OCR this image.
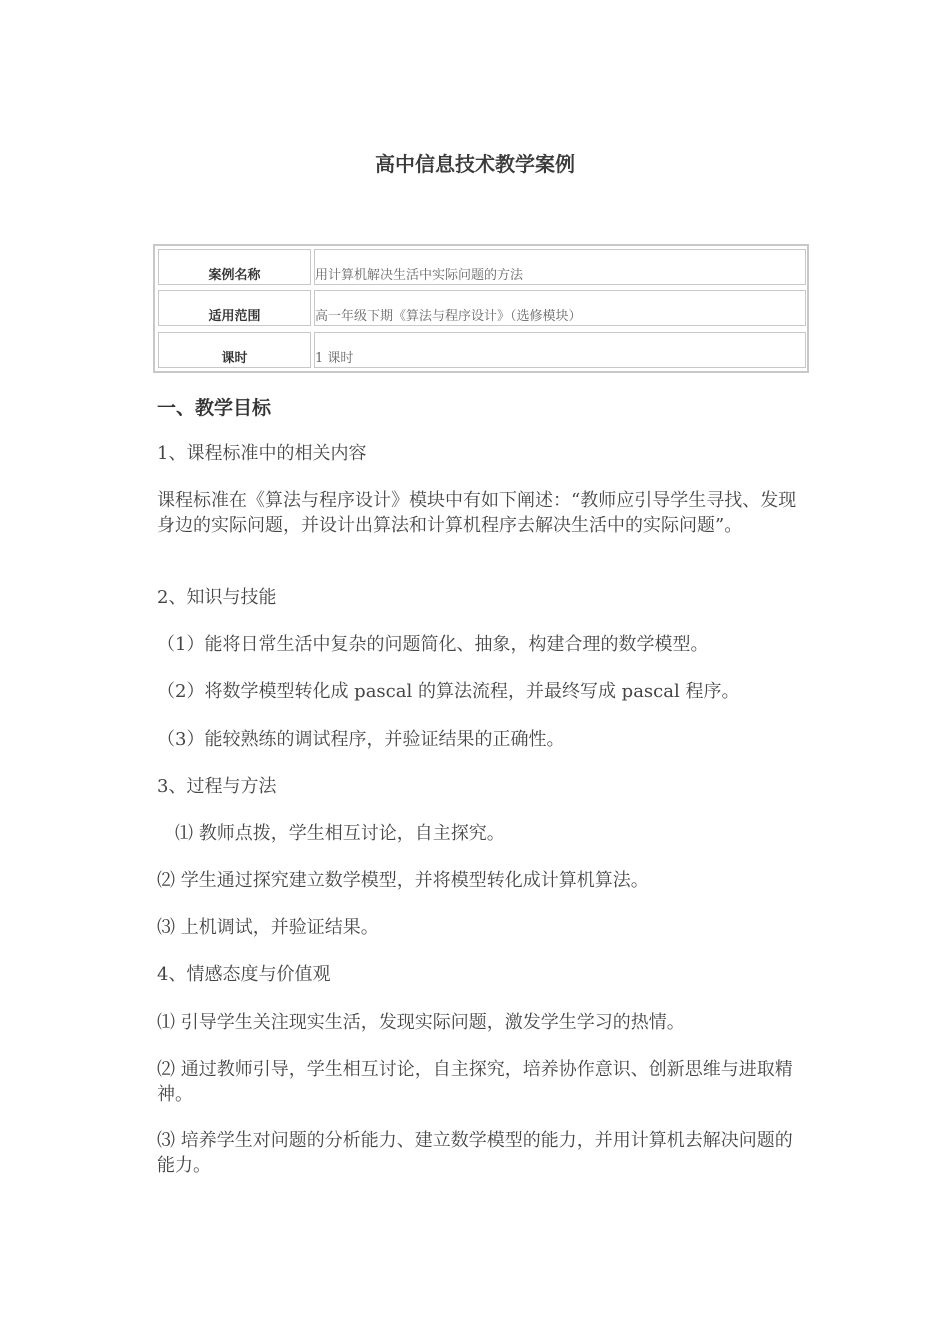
高中信息技术教学案例
案例名称	用计算机解决生活中实际问题的方法
适用范围	高一年级下期《算法与程序设计》（选修模块）
课时	1 课时
一、教学目标
1、课程标准中的相关内容
课程标准在《算法与程序设计》模块中有如下阐述：“教师应引导学生寻找、发现身边的实际问题，并设计出算法和计算机程序去解决生活中的实际问题”。
2、知识与技能
（1）能将日常生活中复杂的问题简化、抽象，构建合理的数学模型。
（2）将数学模型转化成 pascal 的算法流程，并最终写成 pascal 程序。
（3）能较熟练的调试程序，并验证结果的正确性。
3、过程与方法
⑴ 教师点拨，学生相互讨论，自主探究。
⑵ 学生通过探究建立数学模型，并将模型转化成计算机算法。
⑶ 上机调试，并验证结果。
4、情感态度与价值观
⑴ 引导学生关注现实生活，发现实际问题，激发学生学习的热情。
⑵ 通过教师引导，学生相互讨论，自主探究，培养协作意识、创新思维与进取精神。
⑶ 培养学生对问题的分析能力、建立数学模型的能力，并用计算机去解决问题的能力。
